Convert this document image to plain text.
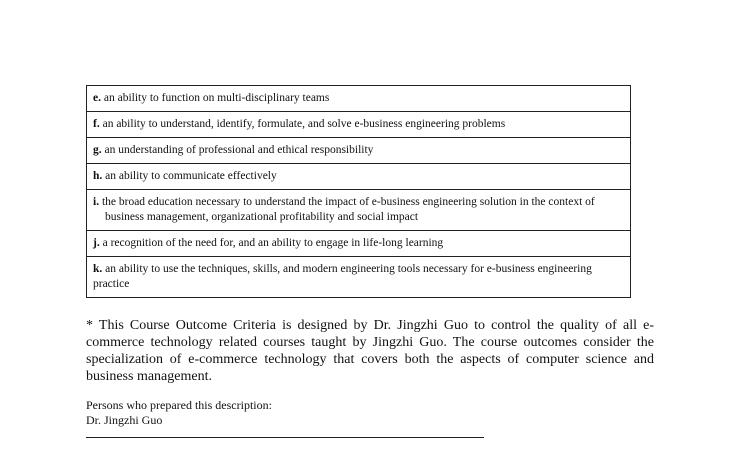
e. an ability to function on multi-disciplinary teams
f. an ability to understand, identify, formulate, and solve e-business engineering problems
g. an understanding of professional and ethical responsibility
h. an ability to communicate effectively
i. the broad education necessary to understand the impact of e-business engineering solution in the context of business management, organizational profitability and social impact
j. a recognition of the need for, and an ability to engage in life-long learning
k. an ability to use the techniques, skills, and modern engineering tools necessary for e-business engineering practice

* This Course Outcome Criteria is designed by Dr. Jingzhi Guo to control the quality of all e-commerce technology related courses taught by Jingzhi Guo. The course outcomes consider the specialization of e-commerce technology that covers both the aspects of computer science and business management.

Persons who prepared this description:
Dr. Jingzhi Guo
